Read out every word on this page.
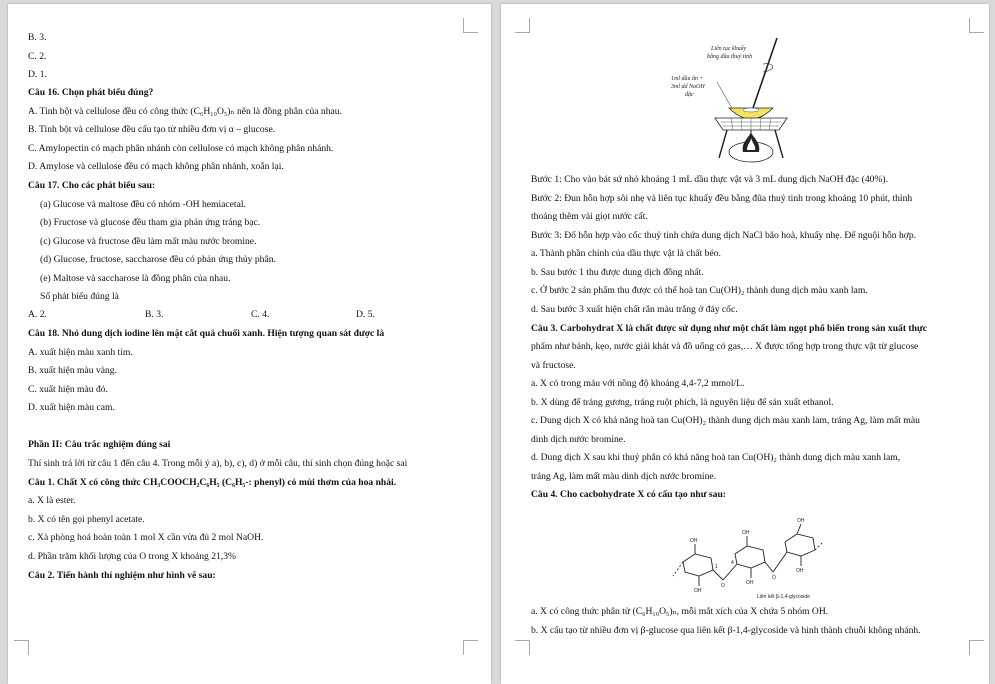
B. 3.
C. 2.
D. 1.
Câu 16. Chọn phát biểu đúng?
A. Tinh bột và cellulose đều có công thức (C₆H₁₀O₅)ₙ nên là đồng phân của nhau.
B. Tinh bột và cellulose đều cấu tạo từ nhiều đơn vị α – glucose.
C. Amylopectin có mạch phân nhánh còn cellulose có mạch không phân nhánh.
D. Amylose và cellulose đều có mạch không phân nhánh, xoắn lại.
Câu 17. Cho các phát biểu sau:
(a) Glucose và maltose đều có nhóm -OH hemiacetal.
(b) Fructose và glucose đều tham gia phản ứng tráng bạc.
(c) Glucose và fructose đều làm mất màu nước bromine.
(d) Glucose, fructose, saccharose đều có phản ứng thủy phân.
(e) Maltose và saccharose là đồng phân của nhau.
Số phát biểu đúng là
A. 2.	B. 3.	C. 4.	D. 5.
Câu 18. Nhỏ dung dịch iodine lên mặt cắt quả chuối xanh. Hiện tượng quan sát được là
A. xuất hiện màu xanh tím.
B. xuất hiện màu vàng.
C. xuất hiện màu đỏ.
D. xuất hiện màu cam.
Phần II: Câu trắc nghiệm đúng sai
Thí sinh trả lời từ câu 1 đến câu 4. Trong mỗi ý a), b), c), d) ở mỗi câu, thí sinh chọn đúng hoặc sai
Câu 1. Chất X có công thức CH₃COOCH₂C₆H₅ (C₆H₅-: phenyl) có mùi thơm của hoa nhài.
a. X là ester.
b. X có tên gọi phenyl acetate.
c. Xà phòng hoá hoàn toàn 1 mol X cần vừa đủ 2 mol NaOH.
d. Phần trăm khối lượng của O trong X khoảng 21,3%
Câu 2. Tiến hành thí nghiệm như hình vẽ sau:
Liên tục khuấy
bằng đũa thuỷ tinh
1ml dầu ăn +
3ml dd NaOH
đặc
Bước 1: Cho vào bát sứ nhỏ khoảng 1 mL dầu thực vật và 3 mL dung dịch NaOH đặc (40%).
Bước 2: Đun hỗn hợp sôi nhẹ và liên tục khuấy đều bằng đũa thuỷ tinh trong khoảng 10 phút, thỉnh
thoảng thêm vài giọt nước cất.
Bước 3: Đổ hỗn hợp vào cốc thuỷ tinh chứa dung dịch NaCl bão hoà, khuấy nhẹ. Để nguội hỗn hợp.
a. Thành phần chính của dầu thực vật là chất béo.
b. Sau bước 1 thu được dung dịch đồng nhất.
c. Ở bước 2 sản phẩm thu được có thể hoà tan Cu(OH)₂ thành dung dịch màu xanh lam.
d. Sau bước 3 xuất hiện chất rắn màu trắng ở đáy cốc.
Câu 3. Carbohydrat X là chất được sử dụng như một chất làm ngọt phổ biến trong sản xuất thực
phẩm như bánh, kẹo, nước giải khát và đồ uống có gas,… X được tổng hợp trong thực vật từ glucose
và fructose.
a. X có trong máu với nồng độ khoảng 4,4-7,2 mmol/L.
b. X dùng để tráng gương, tráng ruột phích, là nguyên liệu để sản xuất ethanol.
c. Dung dịch X có khả năng hoà tan Cu(OH)₂ thành dung dịch màu xanh lam, tráng Ag, làm mất màu
dinh dịch nước bromine.
d. Dung dịch X sau khi thuỷ phân có khả năng hoà tan Cu(OH)₂ thành dung dịch màu xanh lam,
tráng Ag, làm mất màu dinh dịch nước bromine.
Câu 4. Cho cacbohydrate X có cấu tạo như sau:
a. X có công thức phân tử (C₆H₁₀O₅)ₙ, mỗi mắt xích của X chứa 5 nhóm OH.
b. X cấu tạo từ nhiều đơn vị β-glucose qua liên kết β-1,4-glycoside và hình thành chuỗi không nhánh.
OH
OH
OH
OH
OH
OH
O
O
4
1
Liên kết β-1,4-glycoside
